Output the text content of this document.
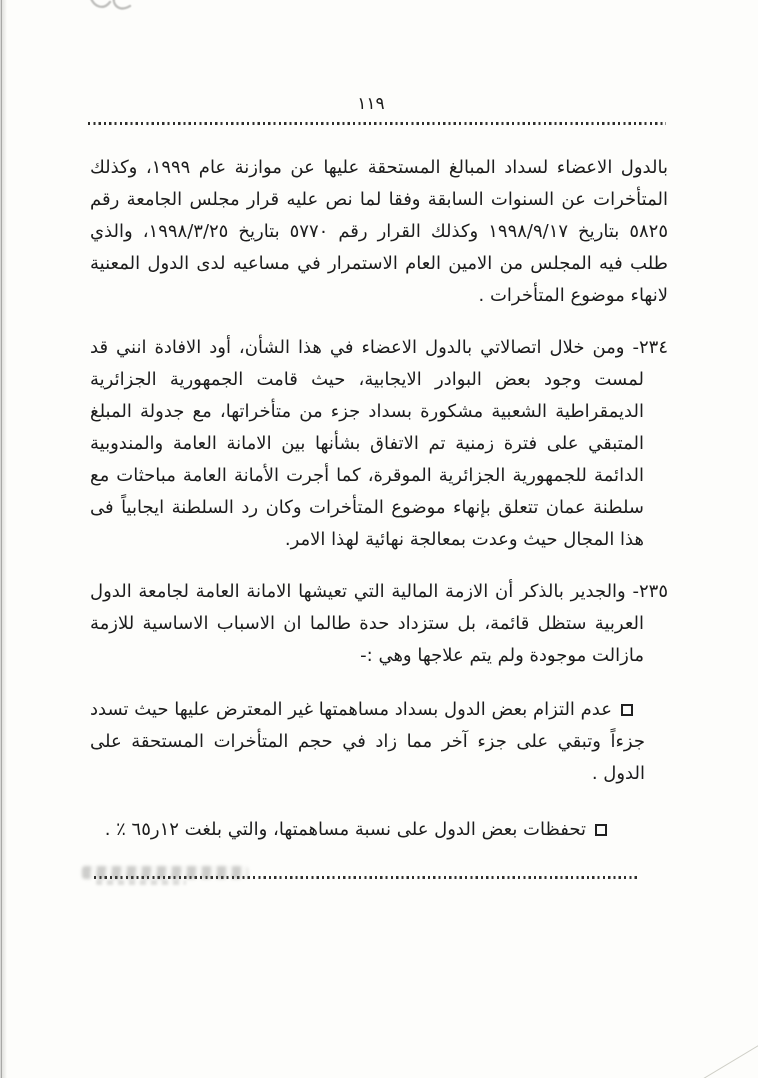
١١٩

بالدول الاعضاء لسداد المبالغ المستحقة عليها عن موازنة عام ١٩٩٩، وكذلك المتأخرات عن السنوات السابقة وفقا لما نص عليه قرار مجلس الجامعة رقم ٥٨٢٥ بتاريخ ١٩٩٨/٩/١٧ وكذلك القرار رقم ٥٧٧٠ بتاريخ ١٩٩٨/٣/٢٥، والذي طلب فيه المجلس من الامين العام الاستمرار في مساعيه لدى الدول المعنية لانهاء موضوع المتأخرات .

٢٣٤- ومن خلال اتصالاتي بالدول الاعضاء في هذا الشأن، أود الافادة انني قد لمست وجود بعض البوادر الايجابية، حيث قامت الجمهورية الجزائرية الديمقراطية الشعبية مشكورة بسداد جزء من متأخراتها، مع جدولة المبلغ المتبقي على فترة زمنية تم الاتفاق بشأنها بين الامانة العامة والمندوبية الدائمة للجمهورية الجزائرية الموقرة، كما أجرت الأمانة العامة مباحثات مع سلطنة عمان تتعلق بإنهاء موضوع المتأخرات وكان رد السلطنة ايجابياً فى هذا المجال حيث وعدت بمعالجة نهائية لهذا الامر.

٢٣٥- والجدير بالذكر أن الازمة المالية التي تعيشها الامانة العامة لجامعة الدول العربية ستظل قائمة، بل ستزداد حدة طالما ان الاسباب الاساسية للازمة مازالت موجودة ولم يتم علاجها وهي :-

عدم التزام بعض الدول بسداد مساهمتها غير المعترض عليها حيث تسدد جزءاً وتبقي على جزء آخر مما زاد في حجم المتأخرات المستحقة على الدول .

تحفظات بعض الدول على نسبة مساهمتها، والتي بلغت ١٢ر٦٥ ٪ .
